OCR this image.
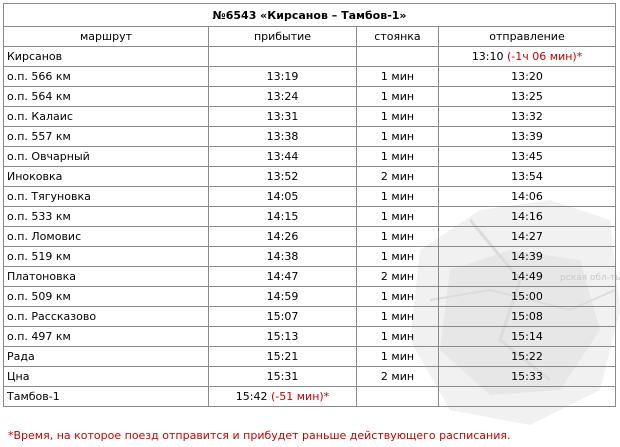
рская обл-ть
№6543 «Кирсанов – Тамбов-1»			
маршрут	прибытие	стоянка	отправление
Кирсанов			13:10 (-1ч 06 мин)*
о.п. 566 км	13:19	1 мин	13:20
о.п. 564 км	13:24	1 мин	13:25
о.п. Калаис	13:31	1 мин	13:32
о.п. 557 км	13:38	1 мин	13:39
о.п. Овчарный	13:44	1 мин	13:45
Иноковка	13:52	2 мин	13:54
о.п. Тягуновка	14:05	1 мин	14:06
о.п. 533 км	14:15	1 мин	14:16
о.п. Ломовис	14:26	1 мин	14:27
о.п. 519 км	14:38	1 мин	14:39
Платоновка	14:47	2 мин	14:49
о.п. 509 км	14:59	1 мин	15:00
о.п. Рассказово	15:07	1 мин	15:08
о.п. 497 км	15:13	1 мин	15:14
Рада	15:21	1 мин	15:22
Цна	15:31	2 мин	15:33
Тамбов-1	15:42 (-51 мин)*		
*Время, на которое поезд отправится и прибудет раньше действующего расписания.
